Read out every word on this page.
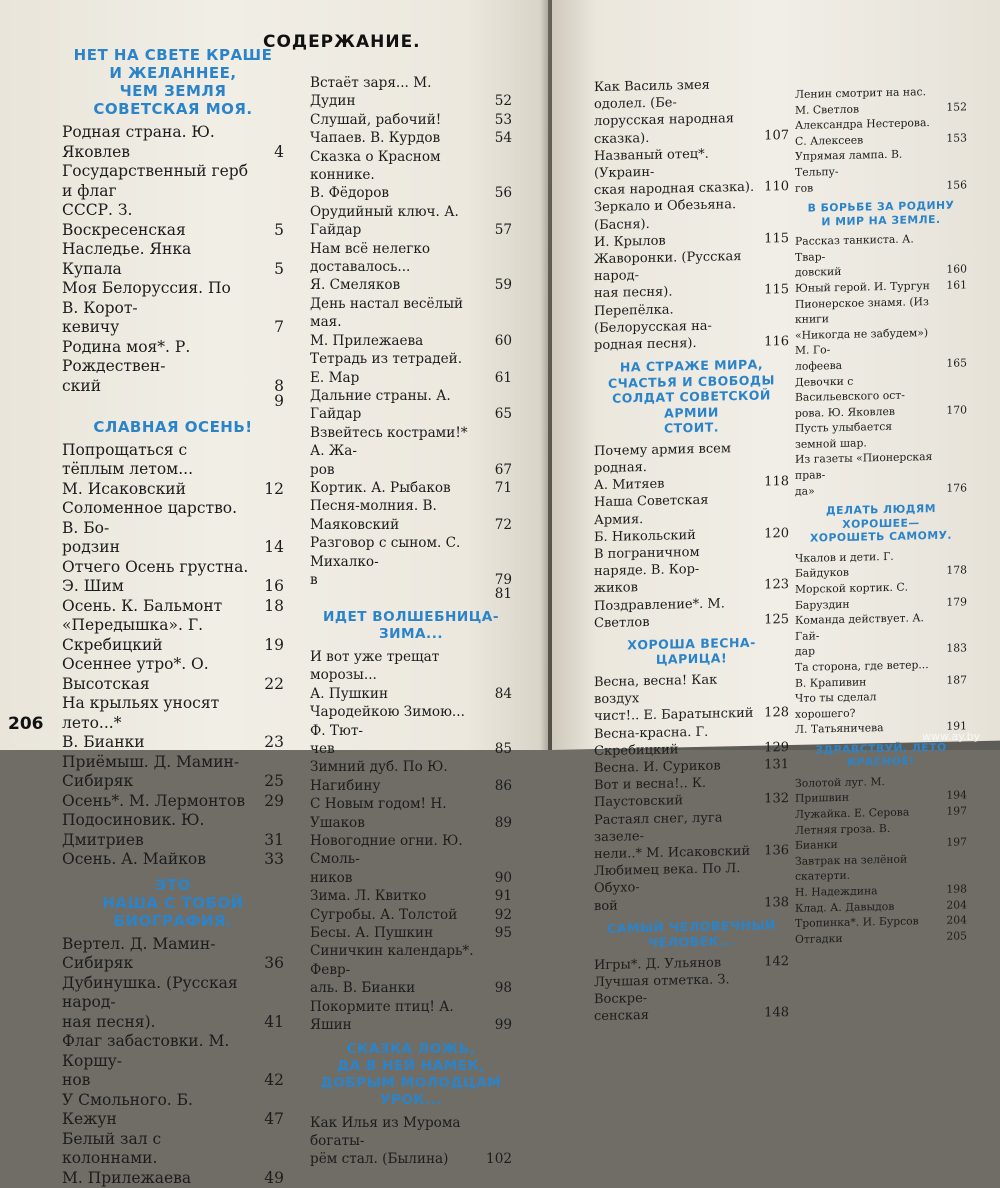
СОДЕРЖАНИЕ.
НЕТ НА СВЕТЕ КРАШЕ
И ЖЕЛАННЕЕ,
ЧЕМ ЗЕМЛЯ
СОВЕТСКАЯ МОЯ.
Родная страна. Ю. Яковлев	4
Государственный герб и флаг
СССР. З. Воскресенская	5
Наследье. Янка Купала	5
Моя Белоруссия. По В. Корот-
кевичу	7
Родина моя*. Р. Рождествен-
ский	8
9
СЛАВНАЯ ОСЕНЬ!
Попрощаться с тёплым летом...
М. Исаковский	12
Соломенное царство. В. Бо-
родзин	14
Отчего Осень грустна. Э. Шим	16
Осень. К. Бальмонт	18
«Передышка». Г. Скребицкий	19
Осеннее утро*. О. Высотская	22
На крыльях уносят лето...*
В. Бианки	23
Приёмыш. Д. Мамин-Сибиряк	25
Осень*. М. Лермонтов	29
Подосиновик. Ю. Дмитриев	31
Осень. А. Майков	33
ЭТО
НАША С ТОБОЙ
БИОГРАФИЯ.
Вертел. Д. Мамин-Сибиряк	36
Дубинушка. (Русская народ-
ная песня).	41
Флаг забастовки. М. Коршу-
нов	42
У Смольного. Б. Кежун	47
Белый зал с колоннами.
М. Прилежаева	49
Встаёт заря... М. Дудин	52
Слушай, рабочий!	53
Чапаев. В. Курдов	54
Сказка о Красном коннике.
В. Фёдоров	56
Орудийный ключ. А. Гайдар	57
Нам всё нелегко доставалось...
Я. Смеляков	59
День настал весёлый мая.
М. Прилежаева	60
Тетрадь из тетрадей. Е. Мар	61
Дальние страны. А. Гайдар	65
Взвейтесь кострами!* А. Жа-
ров	67
Кортик. А. Рыбаков	71
Песня-молния. В. Маяковский	72
Разговор с сыном. С. Михалко-
в	79
81
ИДЕТ ВОЛШЕБНИЦА-ЗИМА...
И вот уже трещат морозы...
А. Пушкин	84
Чародейкою Зимою... Ф. Тют-
чев	85
Зимний дуб. По Ю. Нагибину	86
С Новым годом! Н. Ушаков	89
Новогодние огни. Ю. Смоль-
ников	90
Зима. Л. Квитко	91
Сугробы. А. Толстой	92
Бесы. А. Пушкин	95
Синичкин календарь*. Февр-
аль. В. Бианки	98
Покормите птиц! А. Яшин	99
СКАЗКА ЛОЖЬ,
ДА В НЕЙ НАМЕК,
ДОБРЫМ МОЛОДЦАМ УРОК...
Как Илья из Мурома богаты-
рём стал. (Былина)	102
206
Как Василь змея одолел. (Бе-
лорусская народная сказка).	107
Названый отец*. (Украин-
ская народная сказка). 110
Зеркало и Обезьяна. (Басня).
И. Крылов	115
Жаворонки. (Русская народ-
ная песня).	115
Перепёлка. (Белорусская на-
родная песня).	116
НА СТРАЖЕ МИРА,
СЧАСТЬЯ И СВОБОДЫ
СОЛДАТ СОВЕТСКОЙ АРМИИ
СТОИТ.
Почему армия всем родная.
А. Митяев	118
Наша Советская Армия.
Б. Никольский	120
В пограничном наряде. В. Кор-
жиков	123
Поздравление*. М. Светлов	125
ХОРОША ВЕСНА-ЦАРИЦА!
Весна, весна! Как воздух
чист!.. Е. Баратынский 128
Весна-красна. Г. Скребицкий	129
Весна. И. Суриков	131
Вот и весна!.. К. Паустовский	132
Растаял снег, луга зазеле-
нели..* М. Исаковский	136
Любимец века. По Л. Обухо-
вой	138
САМЫЙ ЧЕЛОВЕЧНЫЙ
ЧЕЛОВЕК...
Игры*. Д. Ульянов	142
Лучшая отметка. З. Воскре-
сенская	148
Ленин смотрит на нас.
М. Светлов	152
Александра Нестерова.
С. Алексеев	153
Упрямая лампа. В. Тельпу-
гов	156
В БОРЬБЕ ЗА РОДИНУ
И МИР НА ЗЕМЛЕ.
Рассказ танкиста. А. Твар-
довский	160
Юный герой. И. Тургун	161
Пионерское знамя. (Из книги
«Никогда не забудем») М. Го-
лофеева	165
Девочки с Васильевского ост-
рова. Ю. Яковлев	170
Пусть улыбается земной шар.
Из газеты «Пионерская прав-
да»	176
ДЕЛАТЬ ЛЮДЯМ ХОРОШЕЕ—
ХОРОШЕТЬ САМОМУ.
Чкалов и дети. Г. Байдуков	178
Морской кортик. С. Баруздин	179
Команда действует. А. Гай-
дар	183
Та сторона, где ветер...
В. Крапивин	187
Что ты сделал хорошего?
Л. Татьяничева	191
ЗДРАВСТВУЙ, ЛЕТО КРАСНОЕ!
Золотой луг. М. Пришвин	194
Лужайка. Е. Серова	197
Летняя гроза. В. Бианки	197
Завтрак на зелёной скатерти.
Н. Надеждина	198
Клад. А. Давыдов	204
Тропинка*. И. Бурсов	204
Отгадки	205
www.ay.by
